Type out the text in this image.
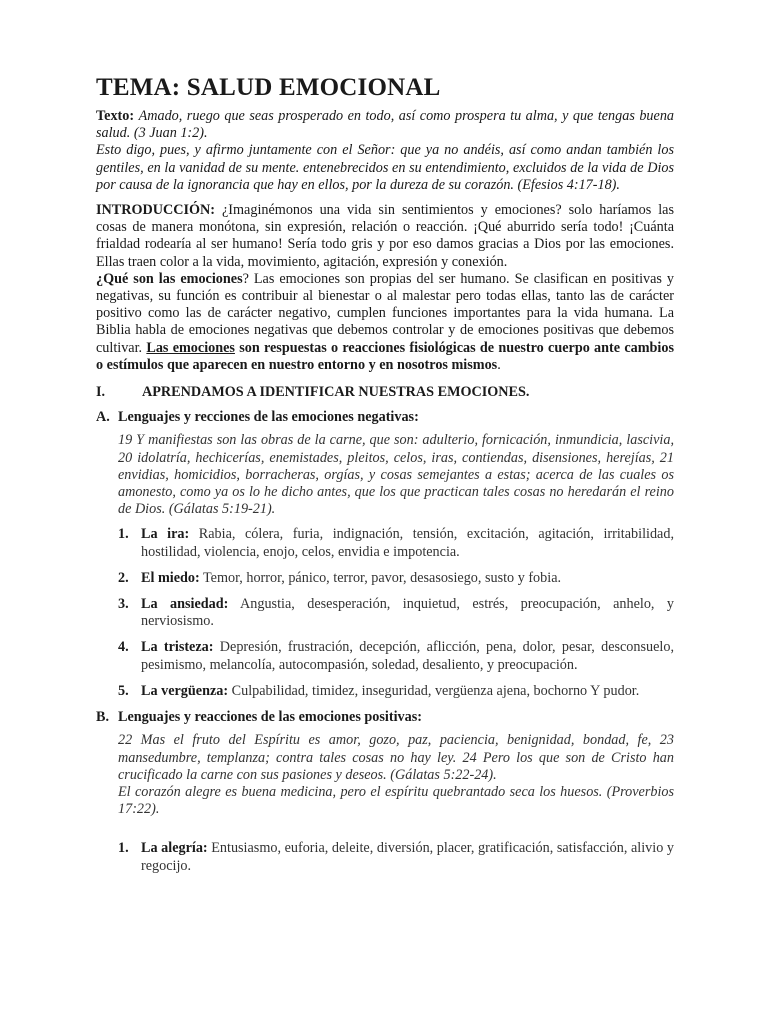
TEMA: SALUD EMOCIONAL

Texto: Amado, ruego que seas prosperado en todo, así como prospera tu alma, y que tengas buena salud. (3 Juan 1:2).

Esto digo, pues, y afirmo juntamente con el Señor: que ya no andéis, así como andan también los gentiles, en la vanidad de su mente. entenebrecidos en su entendimiento, excluidos de la vida de Dios por causa de la ignorancia que hay en ellos, por la dureza de su corazón. (Efesios 4:17-18).

INTRODUCCIÓN: ¿Imaginémonos una vida sin sentimientos y emociones? solo haríamos las cosas de manera monótona, sin expresión, relación o reacción. ¡Qué aburrido sería todo! ¡Cuánta frialdad rodearía al ser humano! Sería todo gris y por eso damos gracias a Dios por las emociones. Ellas traen color a la vida, movimiento, agitación, expresión y conexión.

¿Qué son las emociones? Las emociones son propias del ser humano. Se clasifican en positivas y negativas, su función es contribuir al bienestar o al malestar pero todas ellas, tanto las de carácter positivo como las de carácter negativo, cumplen funciones importantes para la vida humana. La Biblia habla de emociones negativas que debemos controlar y de emociones positivas que debemos cultivar. Las emociones son respuestas o reacciones fisiológicas de nuestro cuerpo ante cambios o estímulos que aparecen en nuestro entorno y en nosotros mismos.

I.	APRENDAMOS A IDENTIFICAR NUESTRAS EMOCIONES.
A. Lenguajes y recciones de las emociones negativas:

19 Y manifiestas son las obras de la carne, que son: adulterio, fornicación, inmundicia, lascivia, 20 idolatría, hechicerías, enemistades, pleitos, celos, iras, contiendas, disensiones, herejías, 21 envidias, homicidios, borracheras, orgías, y cosas semejantes a estas; acerca de las cuales os amonesto, como ya os lo he dicho antes, que los que practican tales cosas no heredarán el reino de Dios. (Gálatas 5:19-21).

1. La ira: Rabia, cólera, furia, indignación, tensión, excitación, agitación, irritabilidad, hostilidad, violencia, enojo, celos, envidia e impotencia.
2. El miedo: Temor, horror, pánico, terror, pavor, desasosiego, susto y fobia.
3. La ansiedad: Angustia, desesperación, inquietud, estrés, preocupación, anhelo, y nerviosismo.
4. La tristeza: Depresión, frustración, decepción, aflicción, pena, dolor, pesar, desconsuelo, pesimismo, melancolía, autocompasión, soledad, desaliento, y preocupación.
5. La vergüenza: Culpabilidad, timidez, inseguridad, vergüenza ajena, bochorno Y pudor.
B. Lenguajes y reacciones de las emociones positivas:

22 Mas el fruto del Espíritu es amor, gozo, paz, paciencia, benignidad, bondad, fe, 23 mansedumbre, templanza; contra tales cosas no hay ley. 24 Pero los que son de Cristo han crucificado la carne con sus pasiones y deseos. (Gálatas 5:22-24).

El corazón alegre es buena medicina, pero el espíritu quebrantado seca los huesos. (Proverbios 17:22).

1. La alegría: Entusiasmo, euforia, deleite, diversión, placer, gratificación, satisfacción, alivio y regocijo.
